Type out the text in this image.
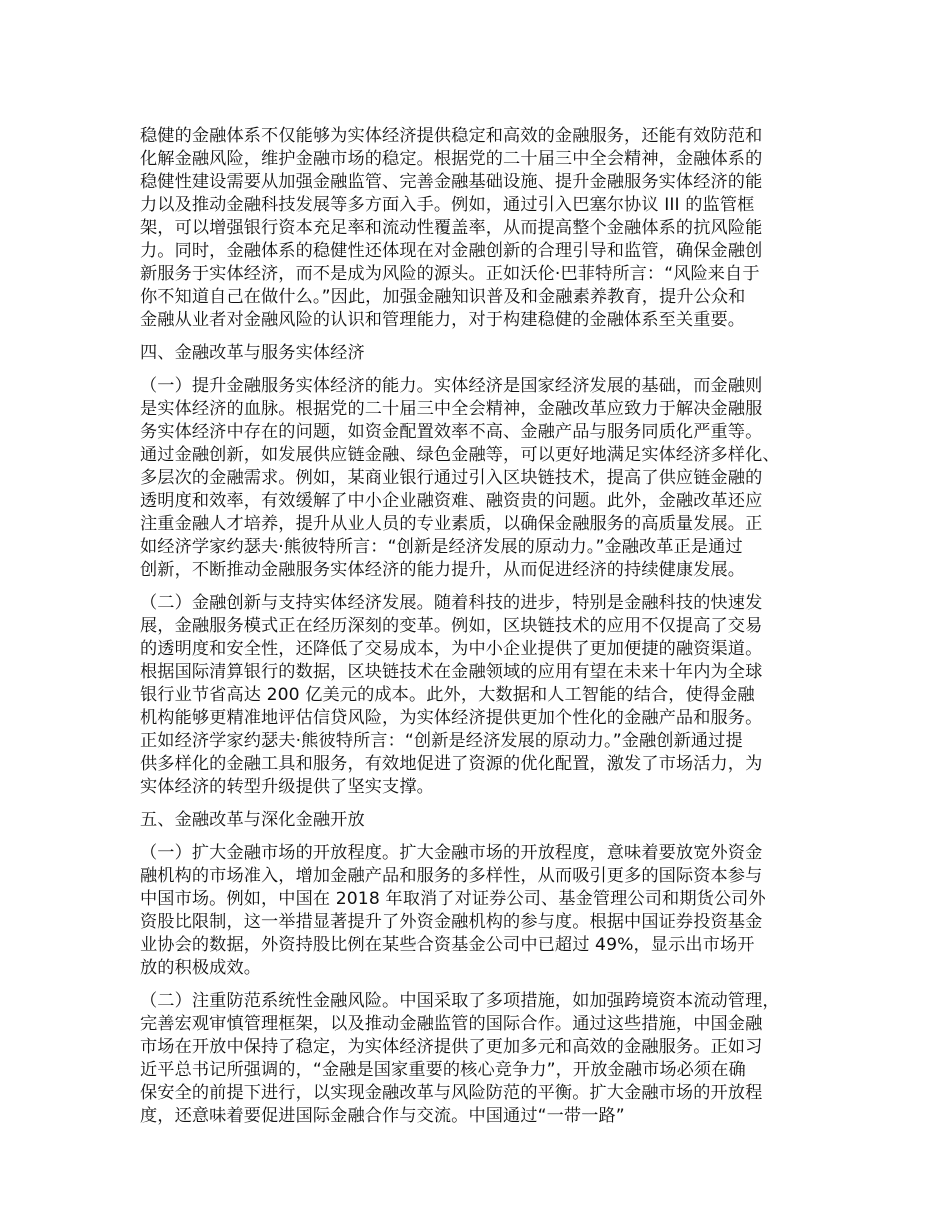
稳健的金融体系不仅能够为实体经济提供稳定和高效的金融服务，还能有效防范和
化解金融风险，维护金融市场的稳定。根据党的二十届三中全会精神，金融体系的
稳健性建设需要从加强金融监管、完善金融基础设施、提升金融服务实体经济的能
力以及推动金融科技发展等多方面入手。例如，通过引入巴塞尔协议 III 的监管框
架，可以增强银行资本充足率和流动性覆盖率，从而提高整个金融体系的抗风险能
力。同时，金融体系的稳健性还体现在对金融创新的合理引导和监管，确保金融创
新服务于实体经济，而不是成为风险的源头。正如沃伦·巴菲特所言：“风险来自于
你不知道自己在做什么。”因此，加强金融知识普及和金融素养教育，提升公众和
金融从业者对金融风险的认识和管理能力，对于构建稳健的金融体系至关重要。
四、金融改革与服务实体经济
（一）提升金融服务实体经济的能力。实体经济是国家经济发展的基础，而金融则
是实体经济的血脉。根据党的二十届三中全会精神，金融改革应致力于解决金融服
务实体经济中存在的问题，如资金配置效率不高、金融产品与服务同质化严重等。
通过金融创新，如发展供应链金融、绿色金融等，可以更好地满足实体经济多样化、
多层次的金融需求。例如，某商业银行通过引入区块链技术，提高了供应链金融的
透明度和效率，有效缓解了中小企业融资难、融资贵的问题。此外，金融改革还应
注重金融人才培养，提升从业人员的专业素质，以确保金融服务的高质量发展。正
如经济学家约瑟夫·熊彼特所言：“创新是经济发展的原动力。”金融改革正是通过
创新，不断推动金融服务实体经济的能力提升，从而促进经济的持续健康发展。
（二）金融创新与支持实体经济发展。随着科技的进步，特别是金融科技的快速发
展，金融服务模式正在经历深刻的变革。例如，区块链技术的应用不仅提高了交易
的透明度和安全性，还降低了交易成本，为中小企业提供了更加便捷的融资渠道。
根据国际清算银行的数据，区块链技术在金融领域的应用有望在未来十年内为全球
银行业节省高达 200 亿美元的成本。此外，大数据和人工智能的结合，使得金融
机构能够更精准地评估信贷风险，为实体经济提供更加个性化的金融产品和服务。
正如经济学家约瑟夫·熊彼特所言：“创新是经济发展的原动力。”金融创新通过提
供多样化的金融工具和服务，有效地促进了资源的优化配置，激发了市场活力，为
实体经济的转型升级提供了坚实支撑。
五、金融改革与深化金融开放
（一）扩大金融市场的开放程度。扩大金融市场的开放程度，意味着要放宽外资金
融机构的市场准入，增加金融产品和服务的多样性，从而吸引更多的国际资本参与
中国市场。例如，中国在 2018 年取消了对证券公司、基金管理公司和期货公司外
资股比限制，这一举措显著提升了外资金融机构的参与度。根据中国证券投资基金
业协会的数据，外资持股比例在某些合资基金公司中已超过 49%，显示出市场开
放的积极成效。
（二）注重防范系统性金融风险。中国采取了多项措施，如加强跨境资本流动管理，
完善宏观审慎管理框架，以及推动金融监管的国际合作。通过这些措施，中国金融
市场在开放中保持了稳定，为实体经济提供了更加多元和高效的金融服务。正如习
近平总书记所强调的，“金融是国家重要的核心竞争力”，开放金融市场必须在确
保安全的前提下进行，以实现金融改革与风险防范的平衡。扩大金融市场的开放程
度，还意味着要促进国际金融合作与交流。中国通过“一带一路”
